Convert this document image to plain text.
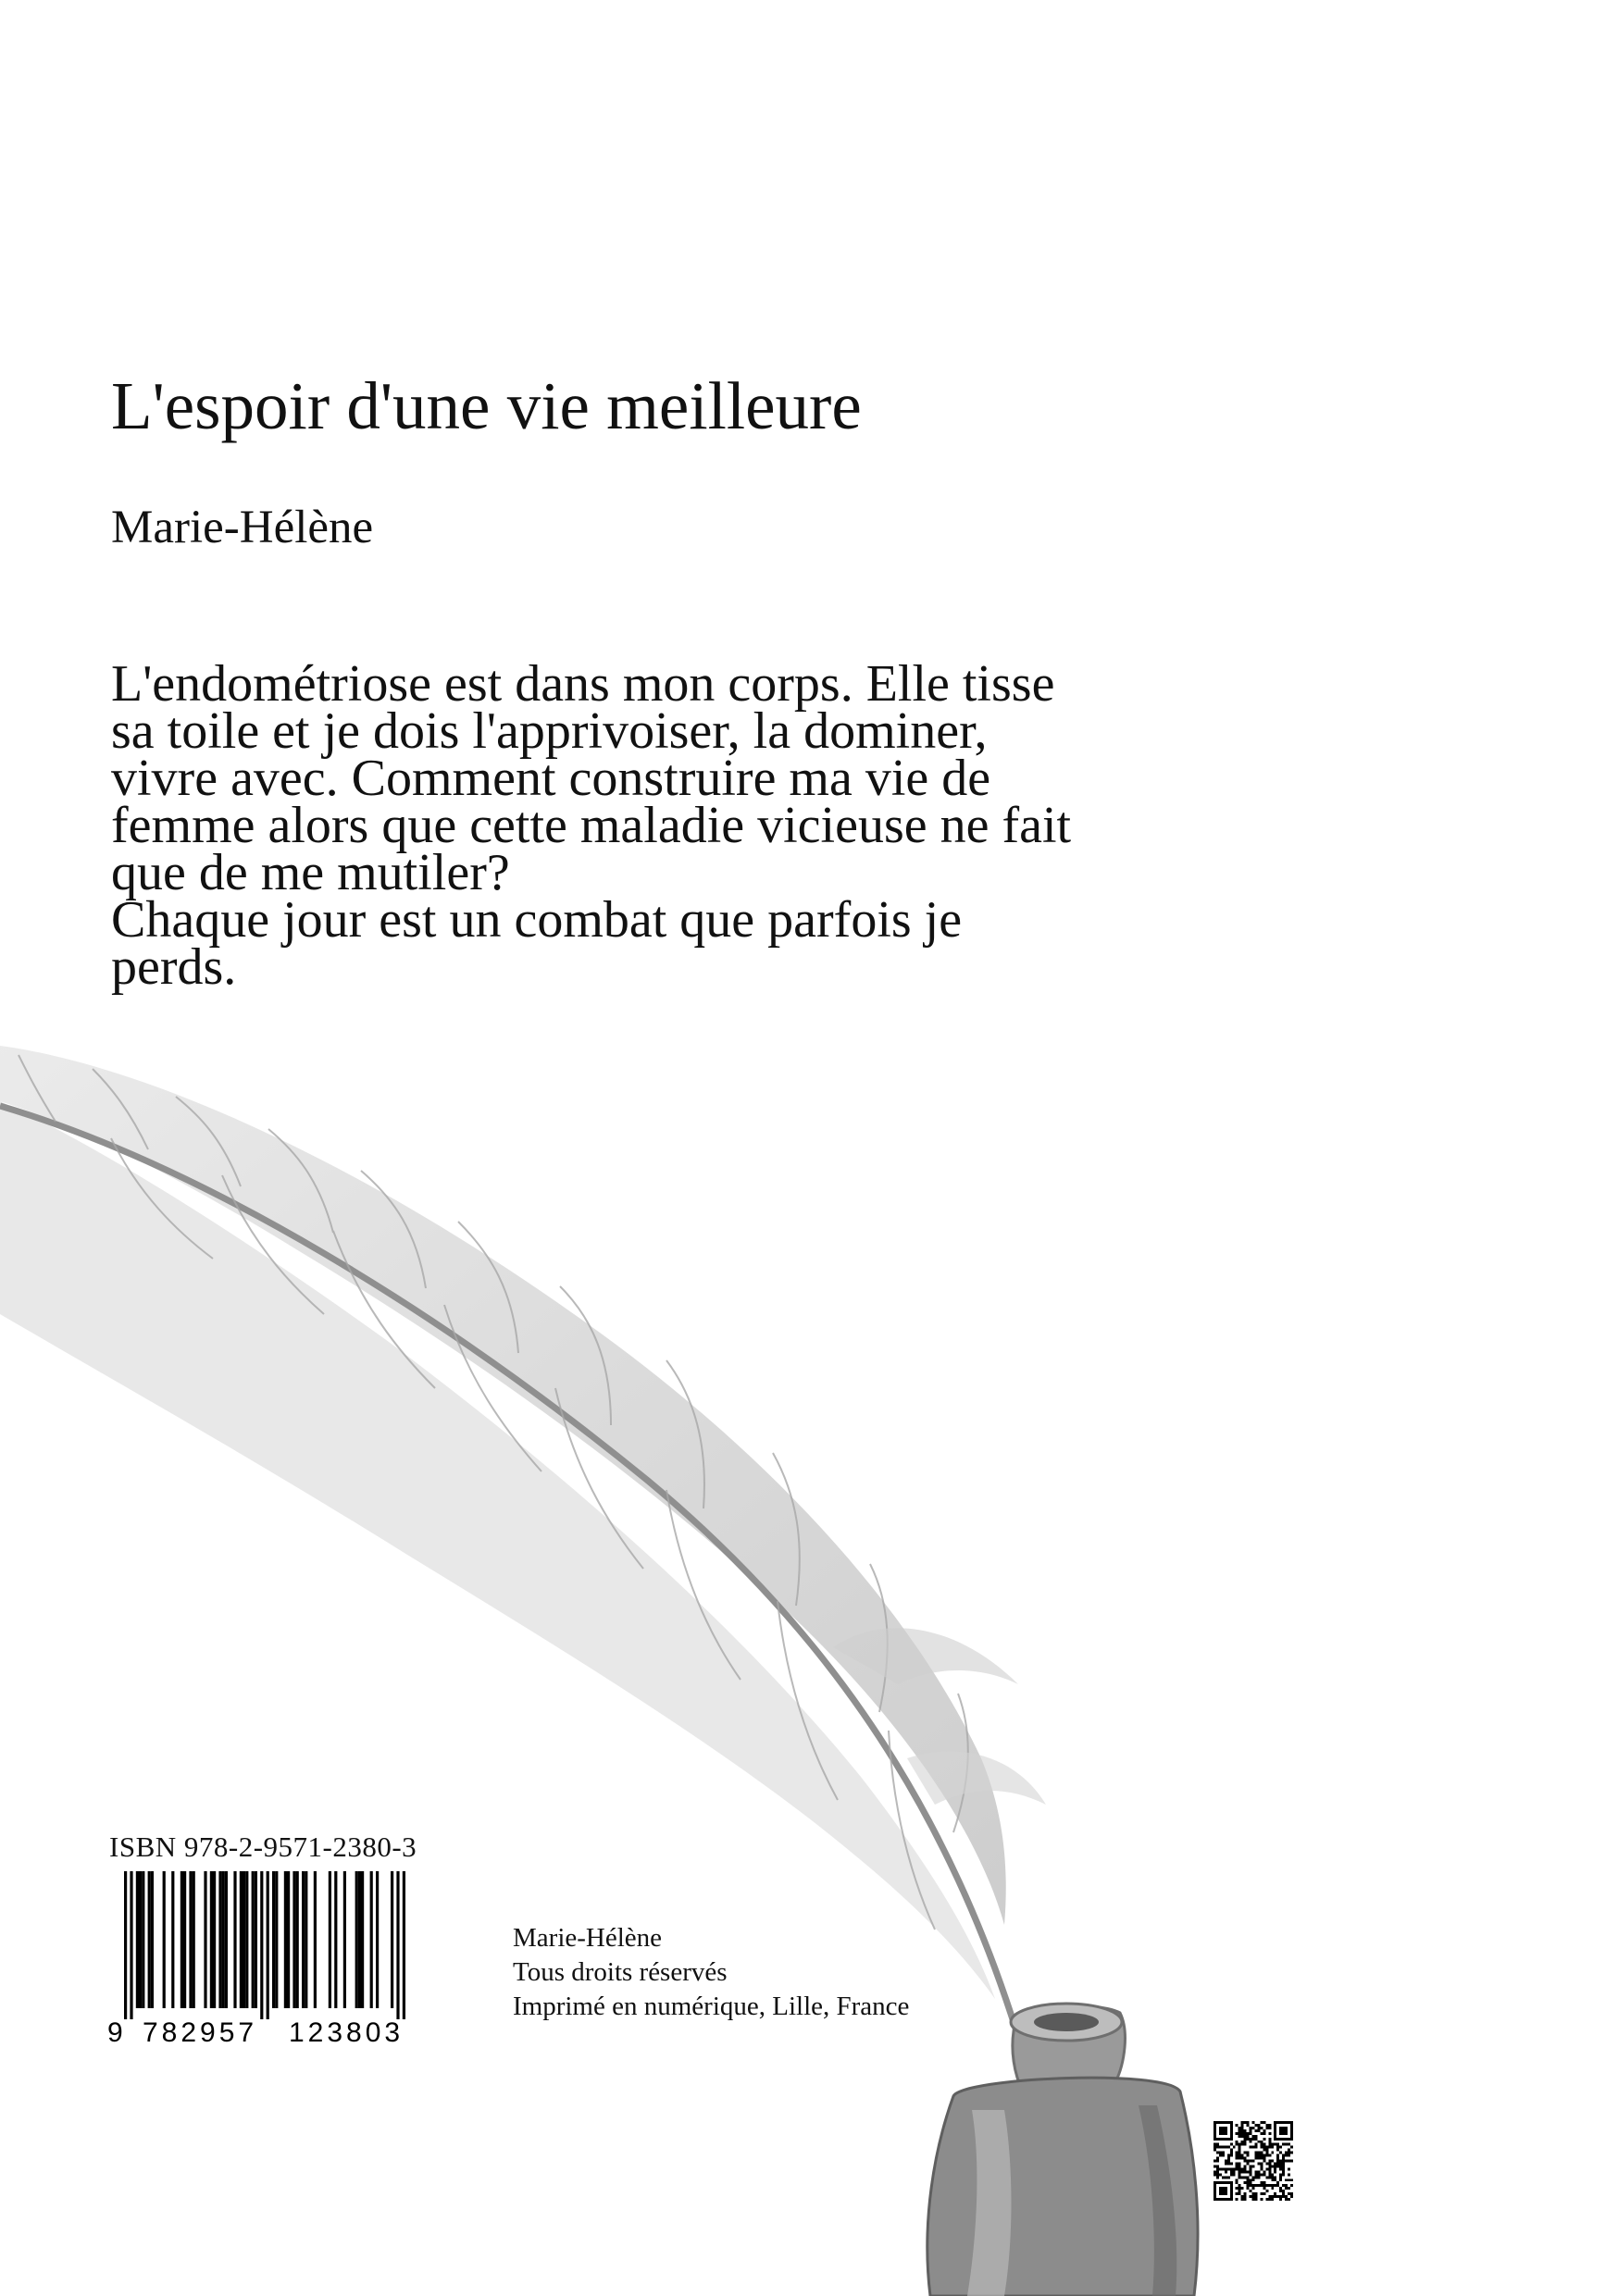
L'espoir d'une vie meilleure

Marie-Hélène

L'endométriose est dans mon corps. Elle tisse
sa toile et je dois l'apprivoiser, la dominer,
vivre avec. Comment construire ma vie de
femme alors que cette maladie vicieuse ne fait
que de me mutiler?
Chaque jour est un combat que parfois je
perds.

ISBN 978-2-9571-2380-3
9 782957 123803
Marie-Hélène
Tous droits réservés
Imprimé en numérique, Lille, France
